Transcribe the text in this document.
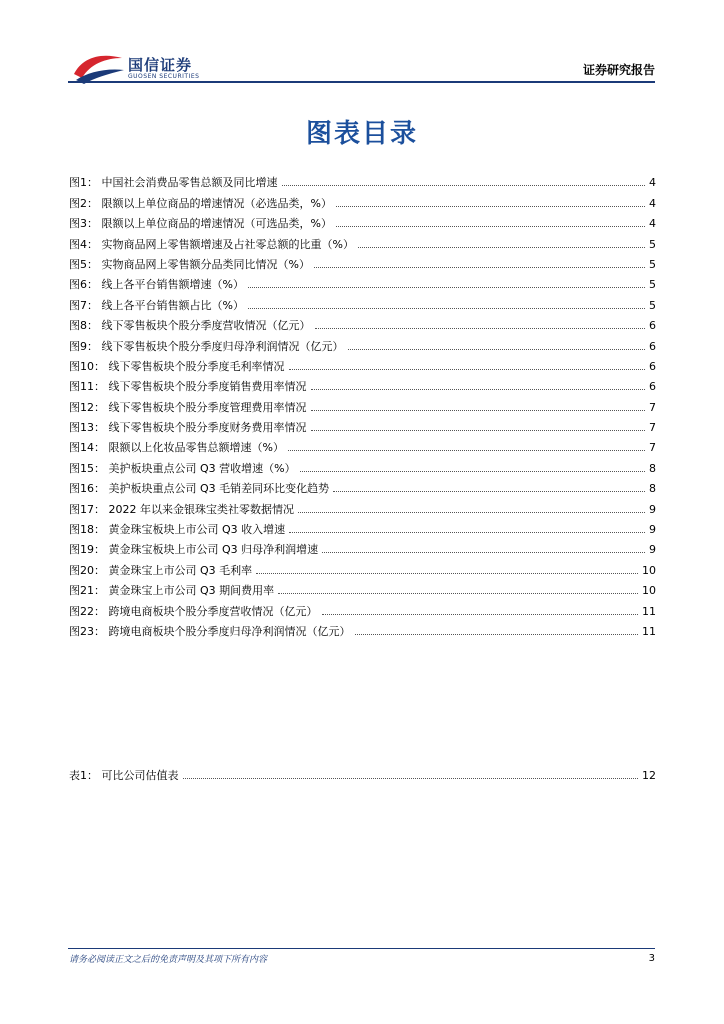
国信证券
GUOSEN SECURITIES	证券研究报告
图表目录
图1： 中国社会消费品零售总额及同比增速	4
图2： 限额以上单位商品的增速情况（必选品类，%）	4
图3： 限额以上单位商品的增速情况（可选品类，%）	4
图4： 实物商品网上零售额增速及占社零总额的比重（%）	5
图5： 实物商品网上零售额分品类同比情况（%）	5
图6： 线上各平台销售额增速（%）	5
图7： 线上各平台销售额占比（%）	5
图8： 线下零售板块个股分季度营收情况（亿元）	6
图9： 线下零售板块个股分季度归母净利润情况（亿元）	6
图10： 线下零售板块个股分季度毛利率情况	6
图11： 线下零售板块个股分季度销售费用率情况	6
图12： 线下零售板块个股分季度管理费用率情况	7
图13： 线下零售板块个股分季度财务费用率情况	7
图14： 限额以上化妆品零售总额增速（%）	7
图15： 美护板块重点公司 Q3 营收增速（%）	8
图16： 美护板块重点公司 Q3 毛销差同环比变化趋势	8
图17： 2022 年以来金银珠宝类社零数据情况	9
图18： 黄金珠宝板块上市公司 Q3 收入增速	9
图19： 黄金珠宝板块上市公司 Q3 归母净利润增速	9
图20： 黄金珠宝上市公司 Q3 毛利率	10
图21： 黄金珠宝上市公司 Q3 期间费用率	10
图22： 跨境电商板块个股分季度营收情况（亿元）	11
图23： 跨境电商板块个股分季度归母净利润情况（亿元）	11
表1： 可比公司估值表	12
请务必阅读正文之后的免责声明及其项下所有内容	3
